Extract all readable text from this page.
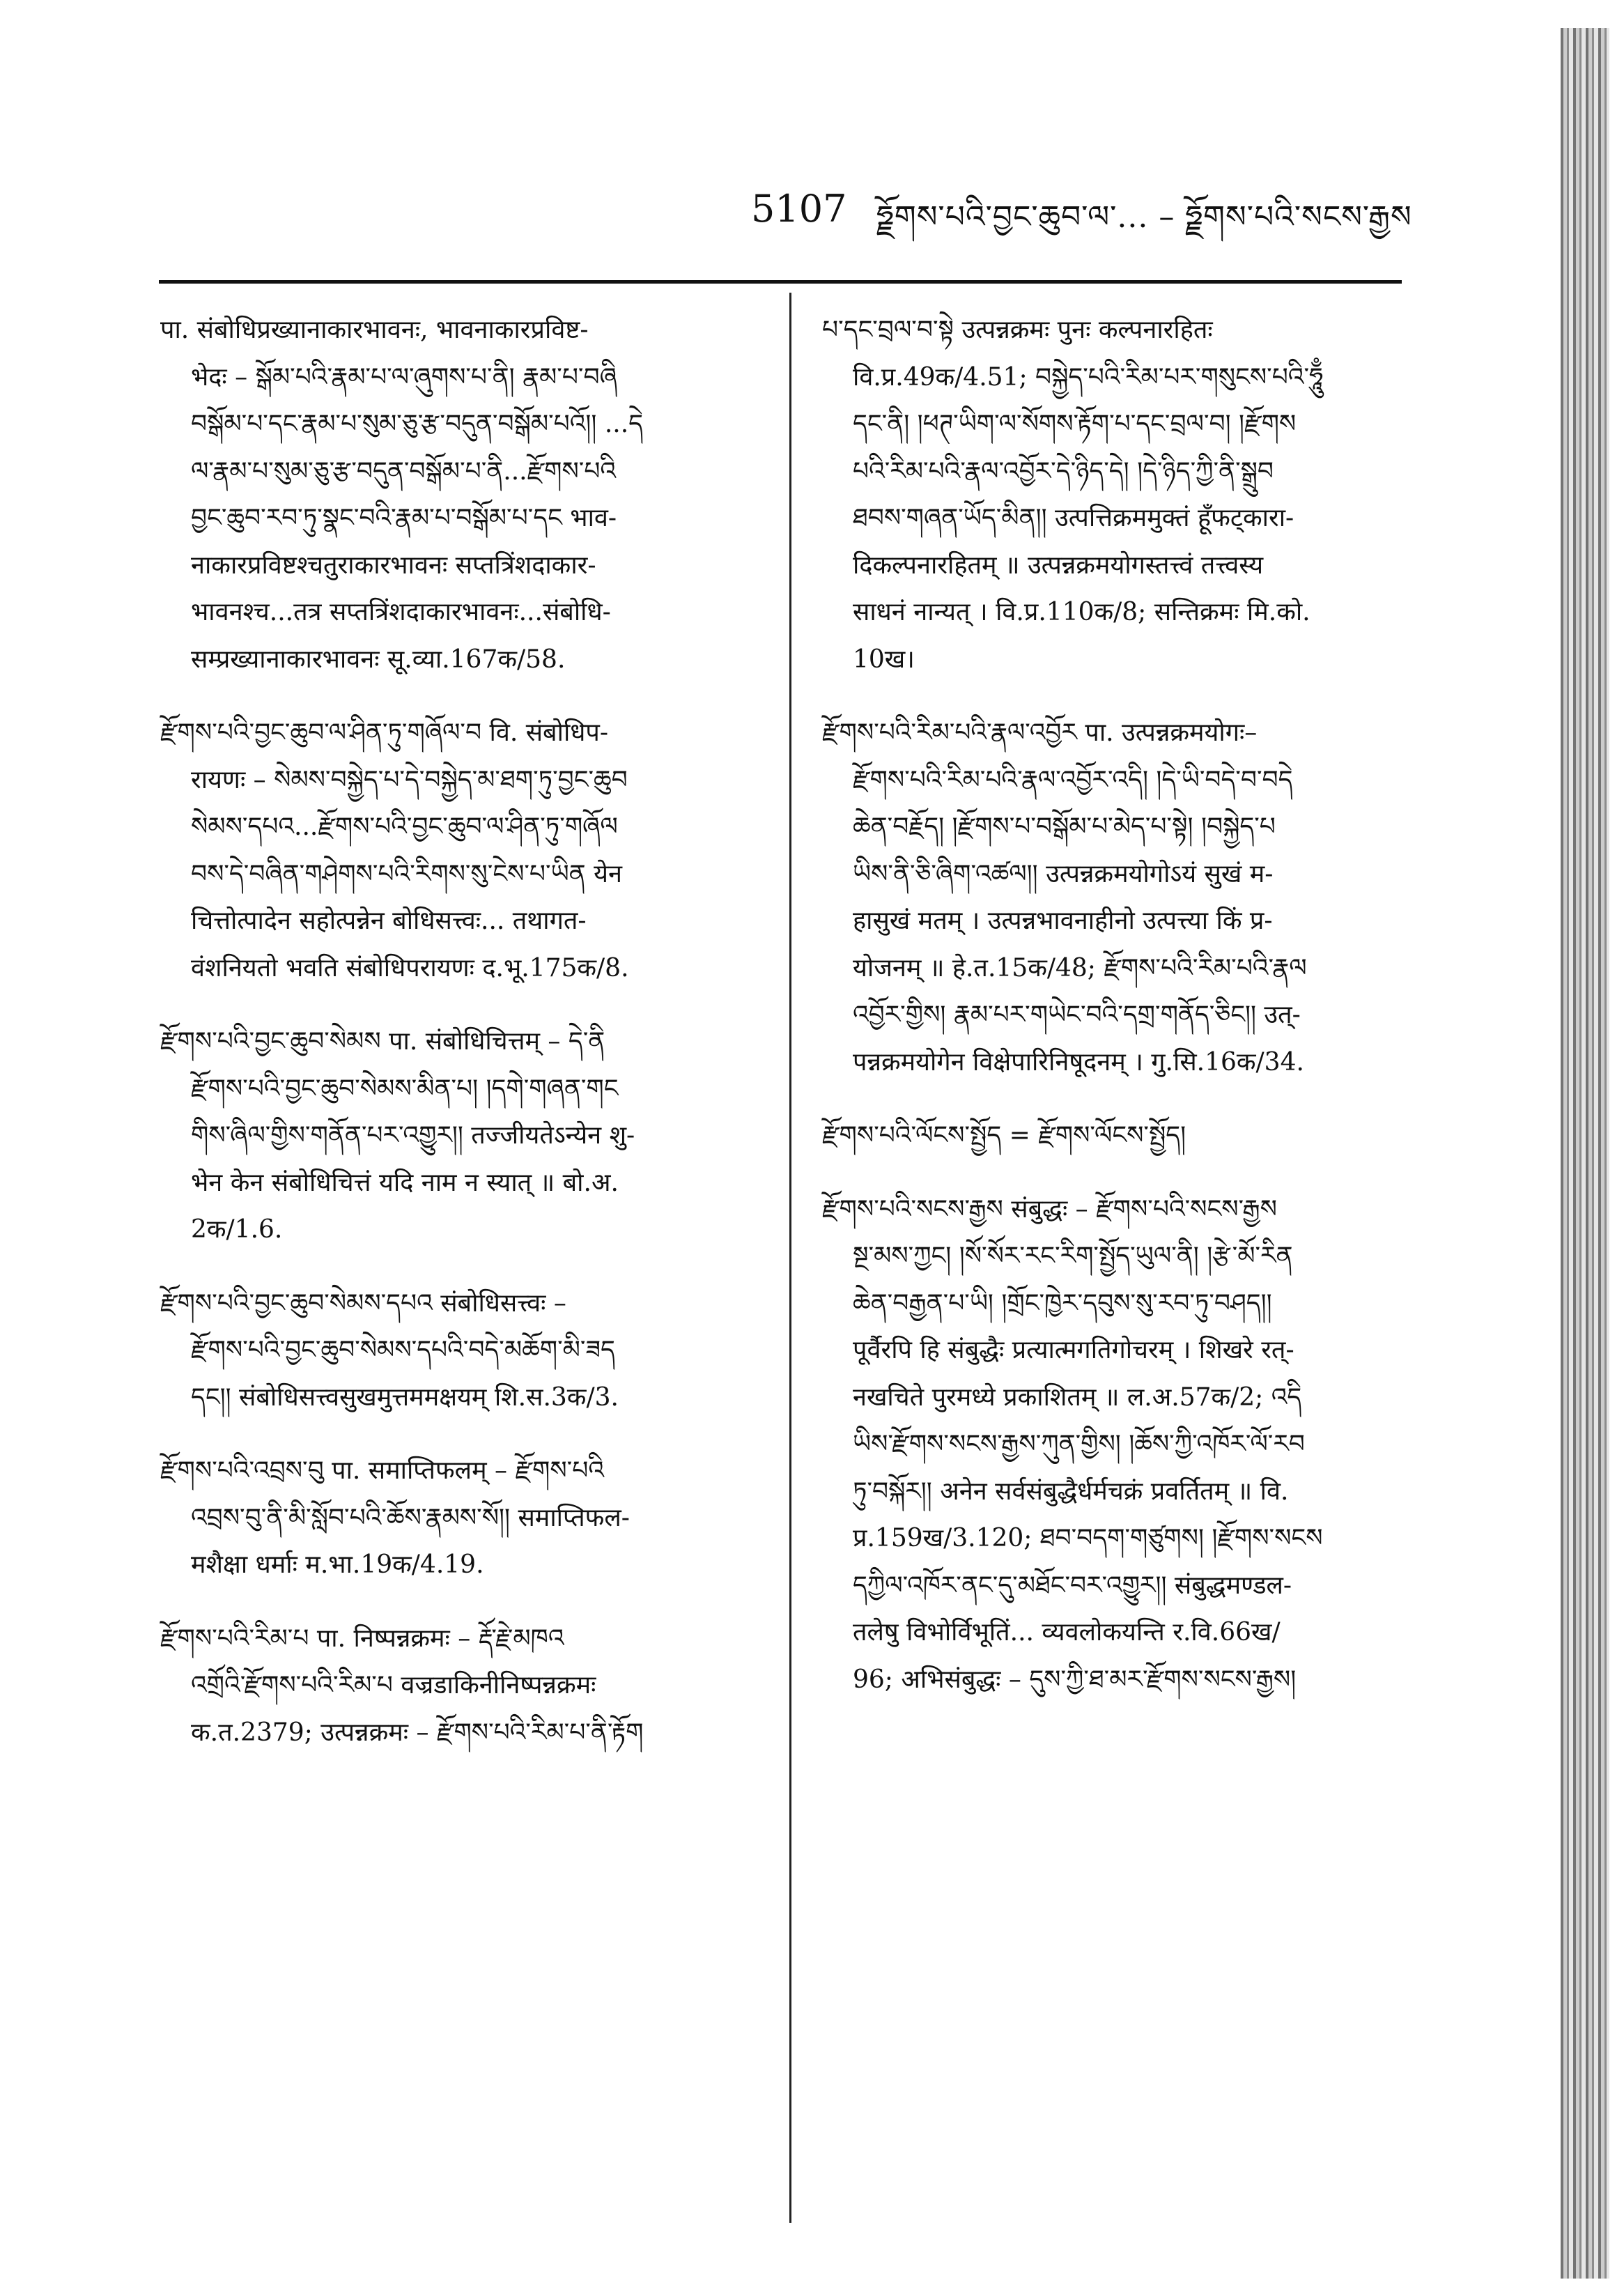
5107 ཧྗོགས་པའི་བྱང་ཆུབ་ལ་... – ཧྗོགས་པའི་སངས་རྒྱས

पा. संबोधिप्रख्यानाकारभावनः, भावनाकारप्रविष्ट-

भेदः – སྒོམ་པའི་རྣམ་པ་ལ་ཞུགས་པ་ནི། རྣམ་པ་བཞི

བསྒོམ་པ་དང་རྣམ་པ་སུམ་ཅུ་རྩ་བདུན་བསྒོམ་པའོ།། ...དེ

ལ་རྣམ་པ་སུམ་ཅུ་རྩ་བདུན་བསྒོམ་པ་ནི...རྫོགས་པའི

བྱང་ཆུབ་རབ་ཏུ་སྣང་བའི་རྣམ་པ་བསྒོམ་པ་དང भाव-

नाकारप्रविष्टश्चतुराकारभावनः सप्तत्रिंशदाकार-

भावनश्च...तत्र सप्तत्रिंशदाकारभावनः...संबोधि-

सम्प्रख्यानाकारभावनः सू.व्या.167क/58.

རྫོགས་པའི་བྱང་ཆུབ་ལ་ཤིན་ཏུ་གཞོལ་བ वि. संबोधिप-

रायणः – སེམས་བསྐྱེད་པ་དེ་བསྐྱེད་མ་ཐག་ཏུ་བྱང་ཆུབ

སེམས་དཔའ...རྫོགས་པའི་བྱང་ཆུབ་ལ་ཤིན་ཏུ་གཞོལ

བས་དེ་བཞིན་གཤེགས་པའི་རིགས་སུ་ངེས་པ་ཡིན येन

चित्तोत्पादेन सहोत्पन्नेन बोधिसत्त्वः... तथागत-

वंशनियतो भवति संबोधिपरायणः द.भू.175क/8.

རྫོགས་པའི་བྱང་ཆུབ་སེམས पा. संबोधिचित्तम् – དེ་ནི

རྫོགས་པའི་བྱང་ཆུབ་སེམས་མིན་པ། །དགེ་གཞན་གང

གིས་ཞིལ་གྱིས་གནོན་པར་འགྱུར།། तज्जीयतेऽन्येन शु-

भेन केन संबोधिचित्तं यदि नाम न स्यात् ॥ बो.अ.

2क/1.6.

རྫོགས་པའི་བྱང་ཆུབ་སེམས་དཔའ संबोधिसत्त्वः –

རྫོགས་པའི་བྱང་ཆུབ་སེམས་དཔའི་བདེ་མཆོག་མི་ཟད

དང།། संबोधिसत्त्वसुखमुत्तममक्षयम् शि.स.3क/3.

རྫོགས་པའི་འབྲས་བུ पा. समाप्तिफलम् – རྫོགས་པའི

འབྲས་བུ་ནི་མི་སློབ་པའི་ཆོས་རྣམས་སོ།། समाप्तिफल-

मशैक्षा धर्माः म.भा.19क/4.19.

རྫོགས་པའི་རིམ་པ पा. निष्पन्नक्रमः – རྡོ་རྗེ་མཁའ

འགྲོའི་རྫོགས་པའི་རིམ་པ वज्रडाकिनीनिष्पन्नक्रमः

क.त.2379; उत्पन्नक्रमः – རྫོགས་པའི་རིམ་པ་ནི་རྟོག

པ་དང་བྲལ་བ་སྟེ उत्पन्नक्रमः पुनः कल्पनारहितः

वि.प्र.49क/4.51; བསྐྱེད་པའི་རིམ་པར་གསུངས་པའི་ཧཱུྃ

དང་ནི། །ཕཊ་ཡིག་ལ་སོགས་རྟོག་པ་དང་བྲལ་བ། །རྫོགས

པའི་རིམ་པའི་རྣལ་འབྱོར་དེ་ཉིད་དེ། །དེ་ཉིད་ཀྱི་ནི་སྒྲུབ

ཐབས་གཞན་ཡོད་མིན།། उत्पत्तिक्रममुक्तं हूँफट्कारा-

दिकल्पनारहितम् ॥ उत्पन्नक्रमयोगस्तत्त्वं तत्त्वस्य

साधनं नान्यत् । वि.प्र.110क/8; सन्तिक्रमः मि.को.

10ख।

རྫོགས་པའི་རིམ་པའི་རྣལ་འབྱོར पा. उत्पन्नक्रमयोगः–

རྫོགས་པའི་རིམ་པའི་རྣལ་འབྱོར་འདི། །དེ་ཡི་བདེ་བ་བདེ

ཆེན་བརྗོད། །རྫོགས་པ་བསྒོམ་པ་མེད་པ་སྟེ། །བསྐྱེད་པ

ཡིས་ནི་ཅི་ཞིག་འཚལ།། उत्पन्नक्रमयोगोऽयं सुखं म-

हासुखं मतम् । उत्पन्नभावनाहीनो उत्पत्त्या किं प्र-

योजनम् ॥ हे.त.15क/48; རྫོགས་པའི་རིམ་པའི་རྣལ

འབྱོར་གྱིས། རྣམ་པར་གཡེང་བའི་དགྲ་གནོད་ཅིང།། उत्-

पन्नक्रमयोगेन विक्षेपारिनिषूदनम् । गु.सि.16क/34.

རྫོགས་པའི་ལོངས་སྤྱོད = རྫོགས་ལོངས་སྤྱོད།

རྫོགས་པའི་སངས་རྒྱས संबुद्धः – རྫོགས་པའི་སངས་རྒྱས

སྔ་མས་ཀྱང། །སོ་སོར་རང་རིག་སྤྱོད་ཡུལ་ནི། །རྩེ་མོ་རིན

ཆེན་བརྒྱན་པ་ཡི། །གྲོང་ཁྱེར་དབུས་སུ་རབ་ཏུ་བཤད།།

पूर्वैरपि हि संबुद्धैः प्रत्यात्मगतिगोचरम् । शिखरे रत्-

नखचिते पुरमध्ये प्रकाशितम् ॥ ल.अ.57क/2; འདི

ཡིས་རྫོགས་སངས་རྒྱས་ཀུན་གྱིས། །ཆོས་ཀྱི་འཁོར་ལོ་རབ

ཏུ་བསྐོར།། अनेन सर्वसंबुद्धैर्धर्मचक्रं प्रवर्तितम् ॥ वि.

प्र.159ख/3.120; ཐབ་བདག་གཙུགས། །རྫོགས་སངས

དཀྱིལ་འཁོར་ནང་དུ་མཐོང་བར་འགྱུར།། संबुद्धमण्डल-

तलेषु विभोर्विभूतिं... व्यवलोकयन्ति र.वि.66ख/

96; अभिसंबुद्धः – དུས་ཀྱི་ཐ་མར་རྫོགས་སངས་རྒྱས།
